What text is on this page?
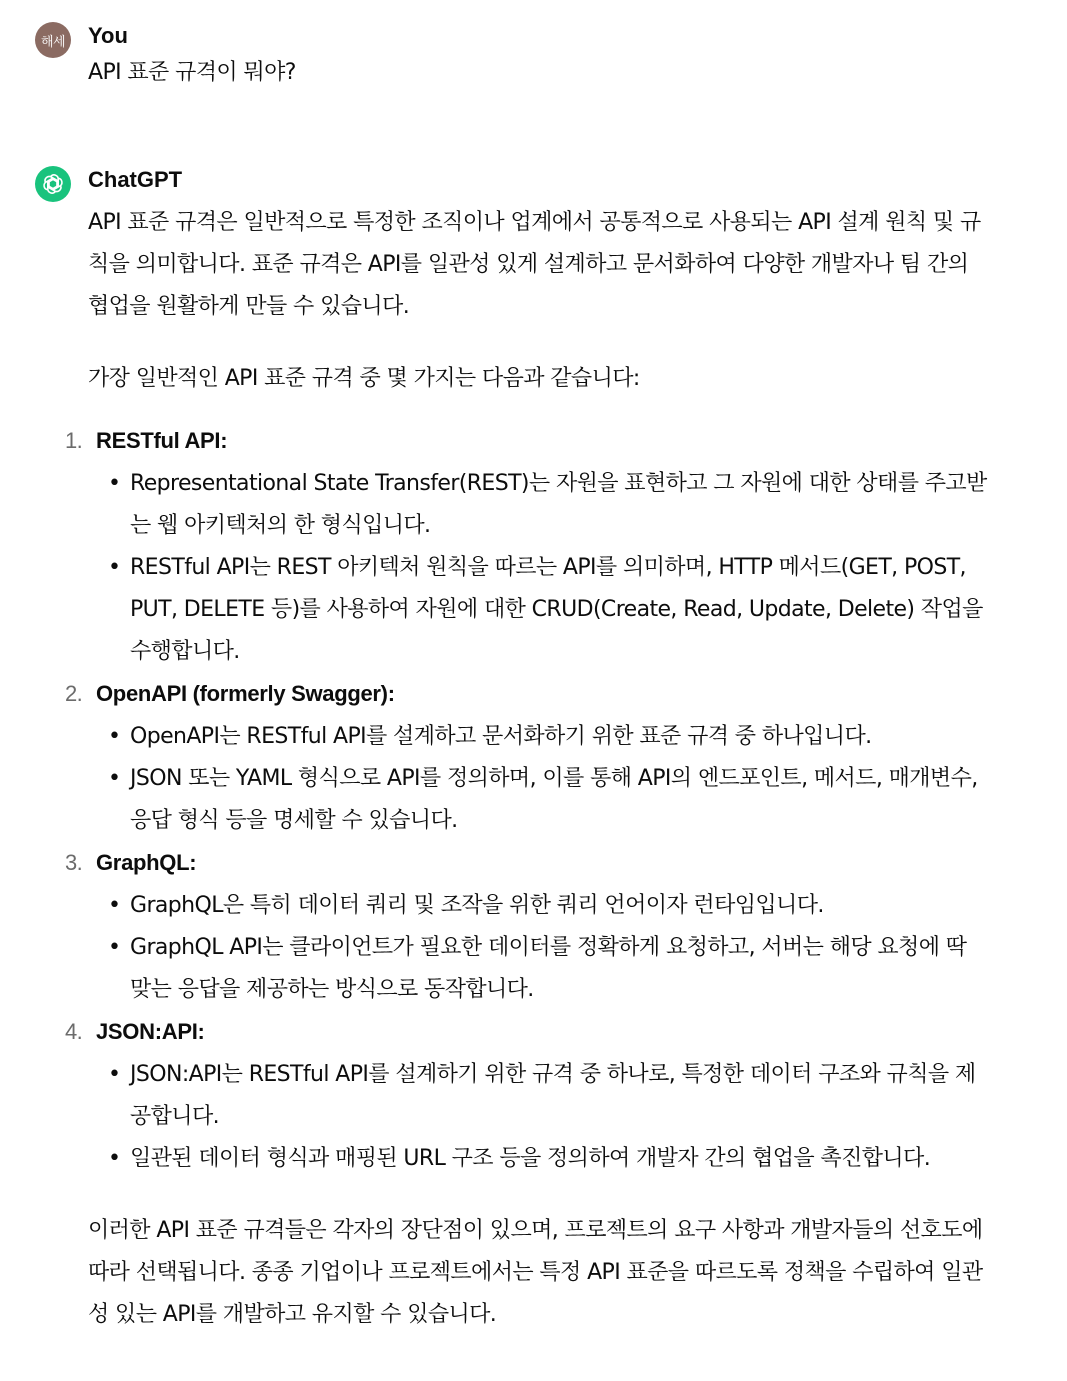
해세 You

API 표준 규격이 뭐야?

ChatGPT

API 표준 규격은 일반적으로 특정한 조직이나 업계에서 공통적으로 사용되는 API 설계 원칙 및 규칙을 의미합니다. 표준 규격은 API를 일관성 있게 설계하고 문서화하여 다양한 개발자나 팀 간의 협업을 원활하게 만들 수 있습니다.

가장 일반적인 API 표준 규격 중 몇 가지는 다음과 같습니다:

1. RESTful API:
• Representational State Transfer(REST)는 자원을 표현하고 그 자원에 대한 상태를 주고받는 웹 아키텍처의 한 형식입니다.
• RESTful API는 REST 아키텍처 원칙을 따르는 API를 의미하며, HTTP 메서드(GET, POST, PUT, DELETE 등)를 사용하여 자원에 대한 CRUD(Create, Read, Update, Delete) 작업을 수행합니다.
2. OpenAPI (formerly Swagger):
• OpenAPI는 RESTful API를 설계하고 문서화하기 위한 표준 규격 중 하나입니다.
• JSON 또는 YAML 형식으로 API를 정의하며, 이를 통해 API의 엔드포인트, 메서드, 매개변수, 응답 형식 등을 명세할 수 있습니다.
3. GraphQL:
• GraphQL은 특히 데이터 쿼리 및 조작을 위한 쿼리 언어이자 런타임입니다.
• GraphQL API는 클라이언트가 필요한 데이터를 정확하게 요청하고, 서버는 해당 요청에 딱 맞는 응답을 제공하는 방식으로 동작합니다.
4. JSON:API:
• JSON:API는 RESTful API를 설계하기 위한 규격 중 하나로, 특정한 데이터 구조와 규칙을 제공합니다.
• 일관된 데이터 형식과 매핑된 URL 구조 등을 정의하여 개발자 간의 협업을 촉진합니다.

이러한 API 표준 규격들은 각자의 장단점이 있으며, 프로젝트의 요구 사항과 개발자들의 선호도에 따라 선택됩니다. 종종 기업이나 프로젝트에서는 특정 API 표준을 따르도록 정책을 수립하여 일관성 있는 API를 개발하고 유지할 수 있습니다.
